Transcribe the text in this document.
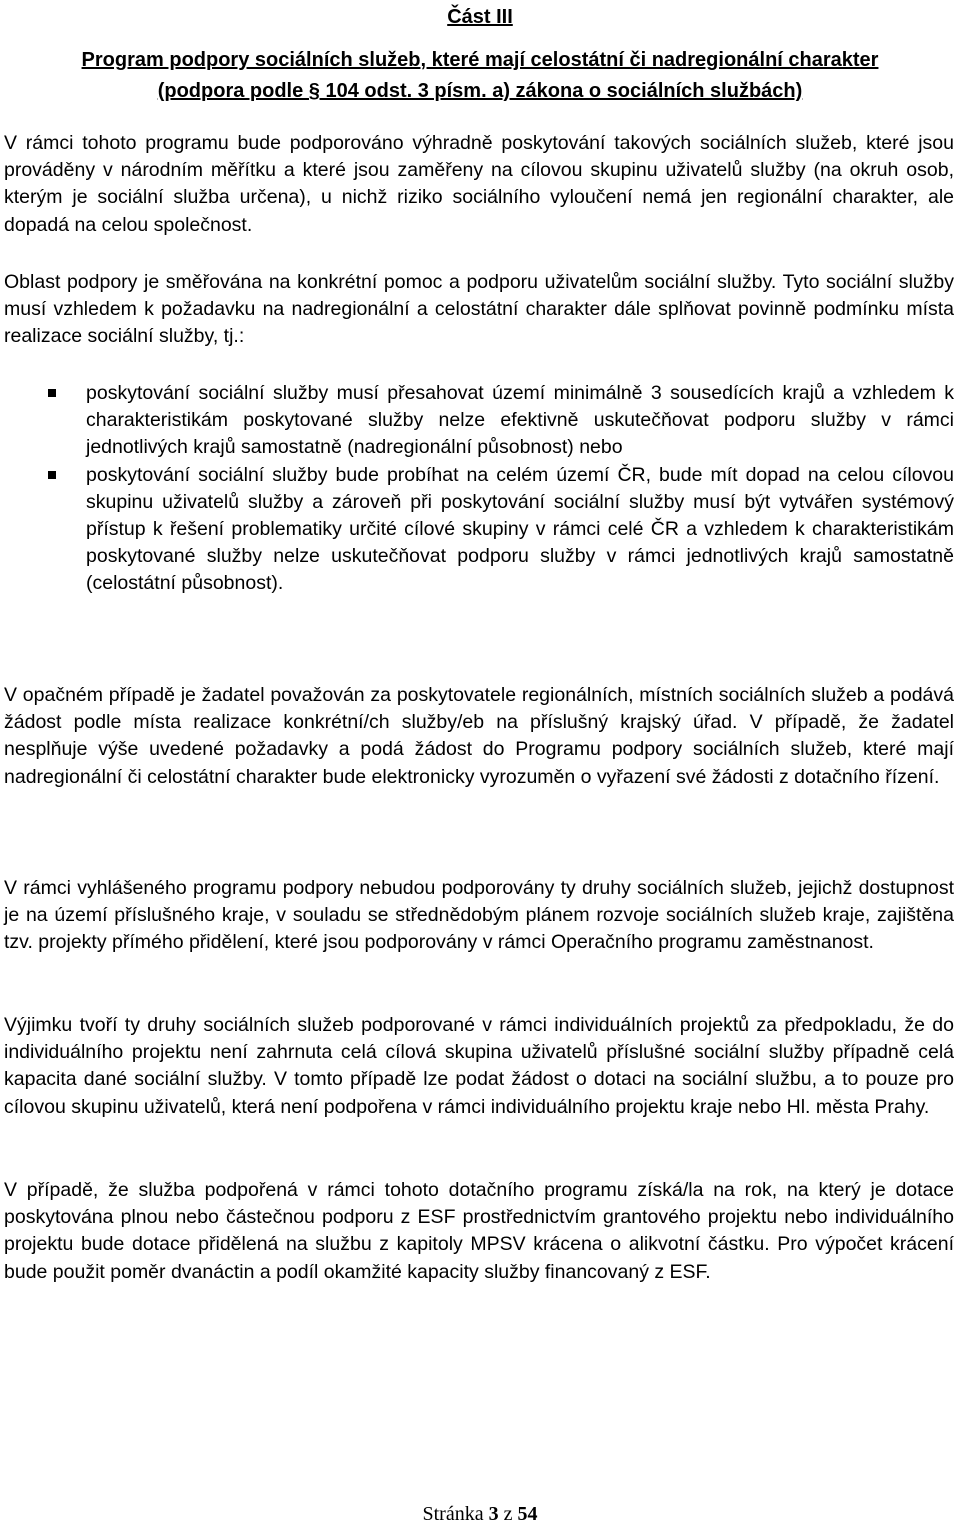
Část III

Program podpory sociálních služeb, které mají celostátní či nadregionální charakter

(podpora podle § 104 odst. 3 písm. a) zákona o sociálních službách)

V rámci tohoto programu bude podporováno výhradně poskytování takových sociálních služeb, které jsou prováděny v národním měřítku a které jsou zaměřeny na cílovou skupinu uživatelů služby (na okruh osob, kterým je sociální služba určena), u nichž riziko sociálního vyloučení nemá jen regionální charakter, ale dopadá na celou společnost.

Oblast podpory je směřována na konkrétní pomoc a podporu uživatelům sociální služby. Tyto sociální služby musí vzhledem k požadavku na nadregionální a celostátní charakter dále splňovat povinně podmínku místa realizace sociální služby, tj.:

poskytování sociální služby musí přesahovat území minimálně 3 sousedících krajů a vzhledem k charakteristikám poskytované služby nelze efektivně uskutečňovat podporu služby v rámci jednotlivých krajů samostatně (nadregionální působnost) nebo
poskytování sociální služby bude probíhat na celém území ČR, bude mít dopad na celou cílovou skupinu uživatelů služby a zároveň při poskytování sociální služby musí být vytvářen systémový přístup k řešení problematiky určité cílové skupiny v rámci celé ČR a vzhledem k charakteristikám poskytované služby nelze uskutečňovat podporu služby v rámci jednotlivých krajů samostatně (celostátní působnost).

V opačném případě je žadatel považován za poskytovatele regionálních, místních sociálních služeb a podává žádost podle místa realizace konkrétní/ch služby/eb na příslušný krajský úřad. V případě, že žadatel nesplňuje výše uvedené požadavky a podá žádost do Programu podpory sociálních služeb, které mají nadregionální či celostátní charakter bude elektronicky vyrozuměn o vyřazení své žádosti z dotačního řízení.

V rámci vyhlášeného programu podpory nebudou podporovány ty druhy sociálních služeb, jejichž dostupnost je na území příslušného kraje, v souladu se středněd​obým plánem rozvoje sociálních služeb kraje, zajištěna tzv. projekty přímého přidělení, které jsou podporovány v rámci Operačního programu zaměstnanost.

Výjimku tvoří ty druhy sociálních služeb podporované v rámci individuálních projektů za předpokladu, že do individuálního projektu není zahrnuta celá cílová skupina uživatelů příslušné sociální služby případně celá kapacita dané sociální služby. V tomto případě lze podat žádost o dotaci na sociální službu, a to pouze pro cílovou skupinu uživatelů, která není podpořena v rámci individuálního projektu kraje nebo Hl. města Prahy.

V případě, že služba podpořená v rámci tohoto dotačního programu získá/la na rok, na který je dotace poskytována plnou nebo částečnou podporu z ESF prostřednictvím grantového projektu nebo individuálního projektu bude dotace přidělená na službu z kapitoly MPSV krácena o alikvotní částku. Pro výpočet krácení bude použit poměr dvanáctin a podíl okamžité kapacity služby financovaný z ESF.

Stránka 3 z 54
